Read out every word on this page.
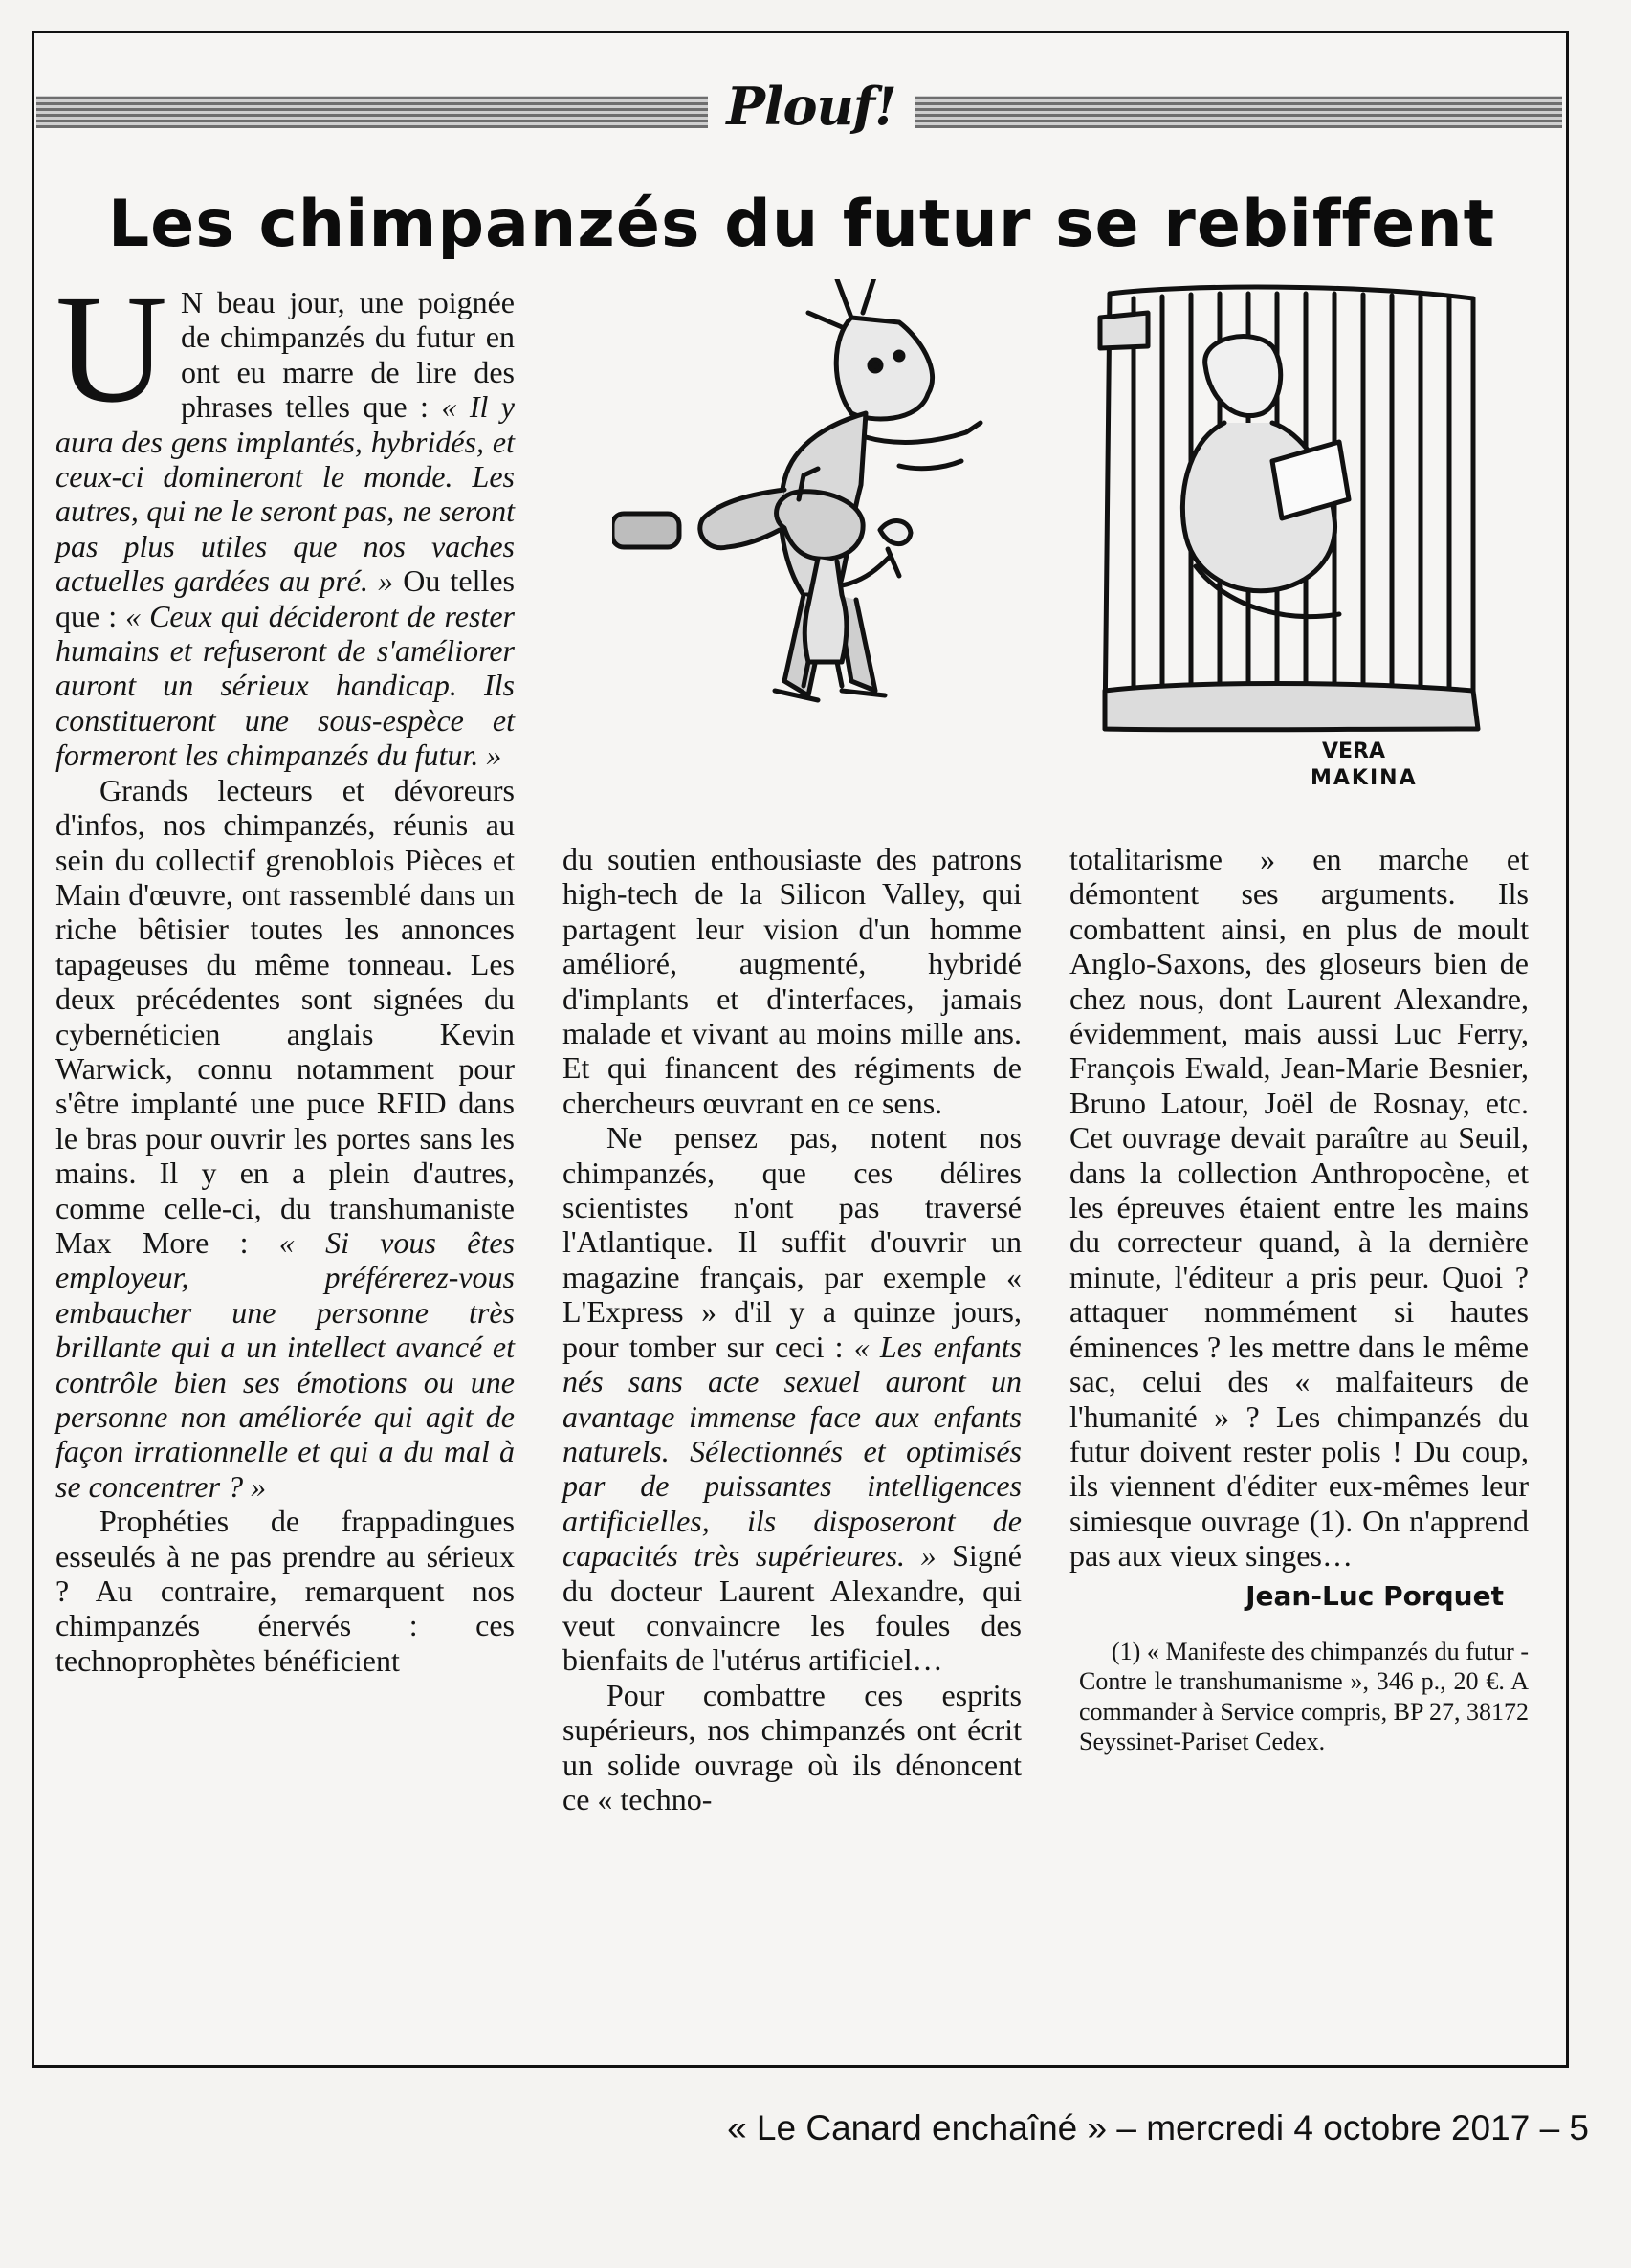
Plouf!
Les chimpanzés du futur se rebiffent

U N beau jour, une poignée de chimpanzés du futur en ont eu marre de lire des phrases telles que : « Il y aura des gens implantés, hybridés, et ceux-ci domineront le monde. Les autres, qui ne le seront pas, ne seront pas plus utiles que nos vaches actuelles gardées au pré. » Ou telles que : « Ceux qui décideront de rester humains et refuseront de s'améliorer auront un sérieux handicap. Ils constitueront une sous-espèce et formeront les chimpanzés du futur. »

Grands lecteurs et dévoreurs d'infos, nos chimpanzés, réunis au sein du collectif grenoblois Pièces et Main d'œuvre, ont rassemblé dans un riche bêtisier toutes les annonces tapageuses du même tonneau. Les deux précédentes sont signées du cybernéticien anglais Kevin Warwick, connu notamment pour s'être implanté une puce RFID dans le bras pour ouvrir les portes sans les mains. Il y en a plein d'autres, comme celle-ci, du transhumaniste Max More : « Si vous êtes employeur, préférerez-vous embaucher une personne très brillante qui a un intellect avancé et contrôle bien ses émotions ou une personne non améliorée qui agit de façon irrationnelle et qui a du mal à se concentrer ? »

Prophéties de frappadingues esseulés à ne pas prendre au sérieux ? Au contraire, remarquent nos chimpanzés énervés : ces technoprophètes bénéficient

du soutien enthousiaste des patrons high-tech de la Silicon Valley, qui partagent leur vision d'un homme amélioré, augmenté, hybridé d'implants et d'interfaces, jamais malade et vivant au moins mille ans. Et qui financent des régiments de chercheurs œuvrant en ce sens.

Ne pensez pas, notent nos chimpanzés, que ces délires scientistes n'ont pas traversé l'Atlantique. Il suffit d'ouvrir un magazine français, par exemple « L'Express » d'il y a quinze jours, pour tomber sur ceci : « Les enfants nés sans acte sexuel auront un avantage immense face aux enfants naturels. Sélectionnés et optimisés par de puissantes intelligences artificielles, ils disposeront de capacités très supérieures. » Signé du docteur Laurent Alexandre, qui veut convaincre les foules des bienfaits de l'utérus artificiel…

Pour combattre ces esprits supérieurs, nos chimpanzés ont écrit un solide ouvrage où ils dénoncent ce « techno-

totalitarisme » en marche et démontent ses arguments. Ils combattent ainsi, en plus de moult Anglo-Saxons, des gloseurs bien de chez nous, dont Laurent Alexandre, évidemment, mais aussi Luc Ferry, François Ewald, Jean-Marie Besnier, Bruno Latour, Joël de Rosnay, etc. Cet ouvrage devait paraître au Seuil, dans la collection Anthropocène, et les épreuves étaient entre les mains du correcteur quand, à la dernière minute, l'éditeur a pris peur. Quoi ? attaquer nommément si hautes éminences ? les mettre dans le même sac, celui des « malfaiteurs de l'humanité » ? Les chimpanzés du futur doivent rester polis ! Du coup, ils viennent d'éditer eux-mêmes leur simiesque ouvrage (1). On n'apprend pas aux vieux singes…

Jean-Luc Porquet

(1) « Manifeste des chimpanzés du futur - Contre le transhumanisme », 346 p., 20 €. A commander à Service compris, BP 27, 38172 Seyssinet-Pariset Cedex.

VERA
MAKINA
« Le Canard enchaîné » – mercredi 4 octobre 2017 – 5
